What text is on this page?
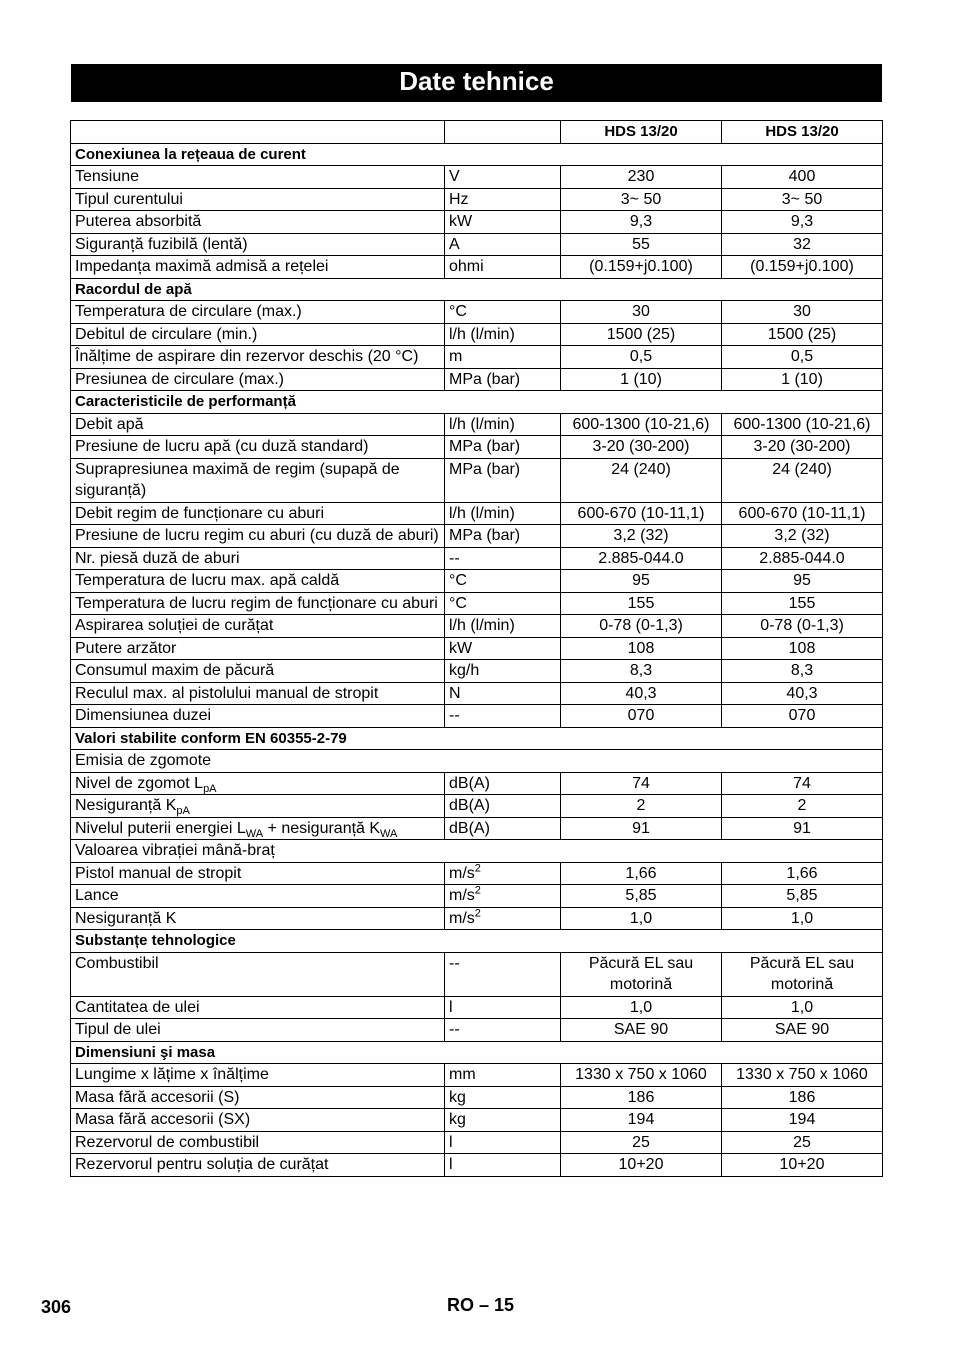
Date tehnice
		HDS 13/20	HDS 13/20
Conexiunea la rețeaua de curent			
Tensiune	V	230	400
Tipul curentului	Hz	3~ 50	3~ 50
Puterea absorbită	kW	9,3	9,3
Siguranță fuzibilă (lentă)	A	55	32
Impedanța maximă admisă a rețelei	ohmi	(0.159+j0.100)	(0.159+j0.100)
Racordul de apă			
Temperatura de circulare (max.)	°C	30	30
Debitul de circulare (min.)	l/h (l/min)	1500 (25)	1500 (25)
Înălțime de aspirare din rezervor deschis (20 °C)	m	0,5	0,5
Presiunea de circulare (max.)	MPa (bar)	1 (10)	1 (10)
Caracteristicile de performanță			
Debit apă	l/h (l/min)	600-1300 (10-21,6)	600-1300 (10-21,6)
Presiune de lucru apă (cu duză standard)	MPa (bar)	3-20 (30-200)	3-20 (30-200)
Suprapresiunea maximă de regim (supapă de siguranță)	MPa (bar)	24 (240)	24 (240)
Debit regim de funcționare cu aburi	l/h (l/min)	600-670 (10-11,1)	600-670 (10-11,1)
Presiune de lucru regim cu aburi (cu duză de aburi)	MPa (bar)	3,2 (32)	3,2 (32)
Nr. piesă duză de aburi	--	2.885-044.0	2.885-044.0
Temperatura de lucru max. apă caldă	°C	95	95
Temperatura de lucru regim de funcționare cu aburi	°C	155	155
Aspirarea soluției de curățat	l/h (l/min)	0-78 (0-1,3)	0-78 (0-1,3)
Putere arzător	kW	108	108
Consumul maxim de păcură	kg/h	8,3	8,3
Reculul max. al pistolului manual de stropit	N	40,3	40,3
Dimensiunea duzei	--	070	070
Valori stabilite conform EN 60355-2-79			
Emisia de zgomote			
Nivel de zgomot $L_{pA}$	dB(A)	74	74
Nesiguranță $K_{pA}$	dB(A)	2	2
Nivelul puterii energiei $L_{WA}$ + nesiguranță $K_{WA}$	dB(A)	91	91
Valoarea vibrației mână-braț			
Pistol manual de stropit	$m/s^2$	1,66	1,66
Lance	$m/s^2$	5,85	5,85
Nesiguranță K	$m/s^2$	1,0	1,0
Substanțe tehnologice			
Combustibil	--	Păcură EL sau motorină	Păcură EL sau motorină
Cantitatea de ulei	l	1,0	1,0
Tipul de ulei	--	SAE 90	SAE 90
Dimensiuni şi masa			
Lungime x lățime x înălțime	mm	1330 x 750 x 1060	1330 x 750 x 1060
Masa fără accesorii (S)	kg	186	186
Masa fără accesorii (SX)	kg	194	194
Rezervorul de combustibil	l	25	25
Rezervorul pentru soluția de curățat	l	10+20	10+20
306	RO – 15
